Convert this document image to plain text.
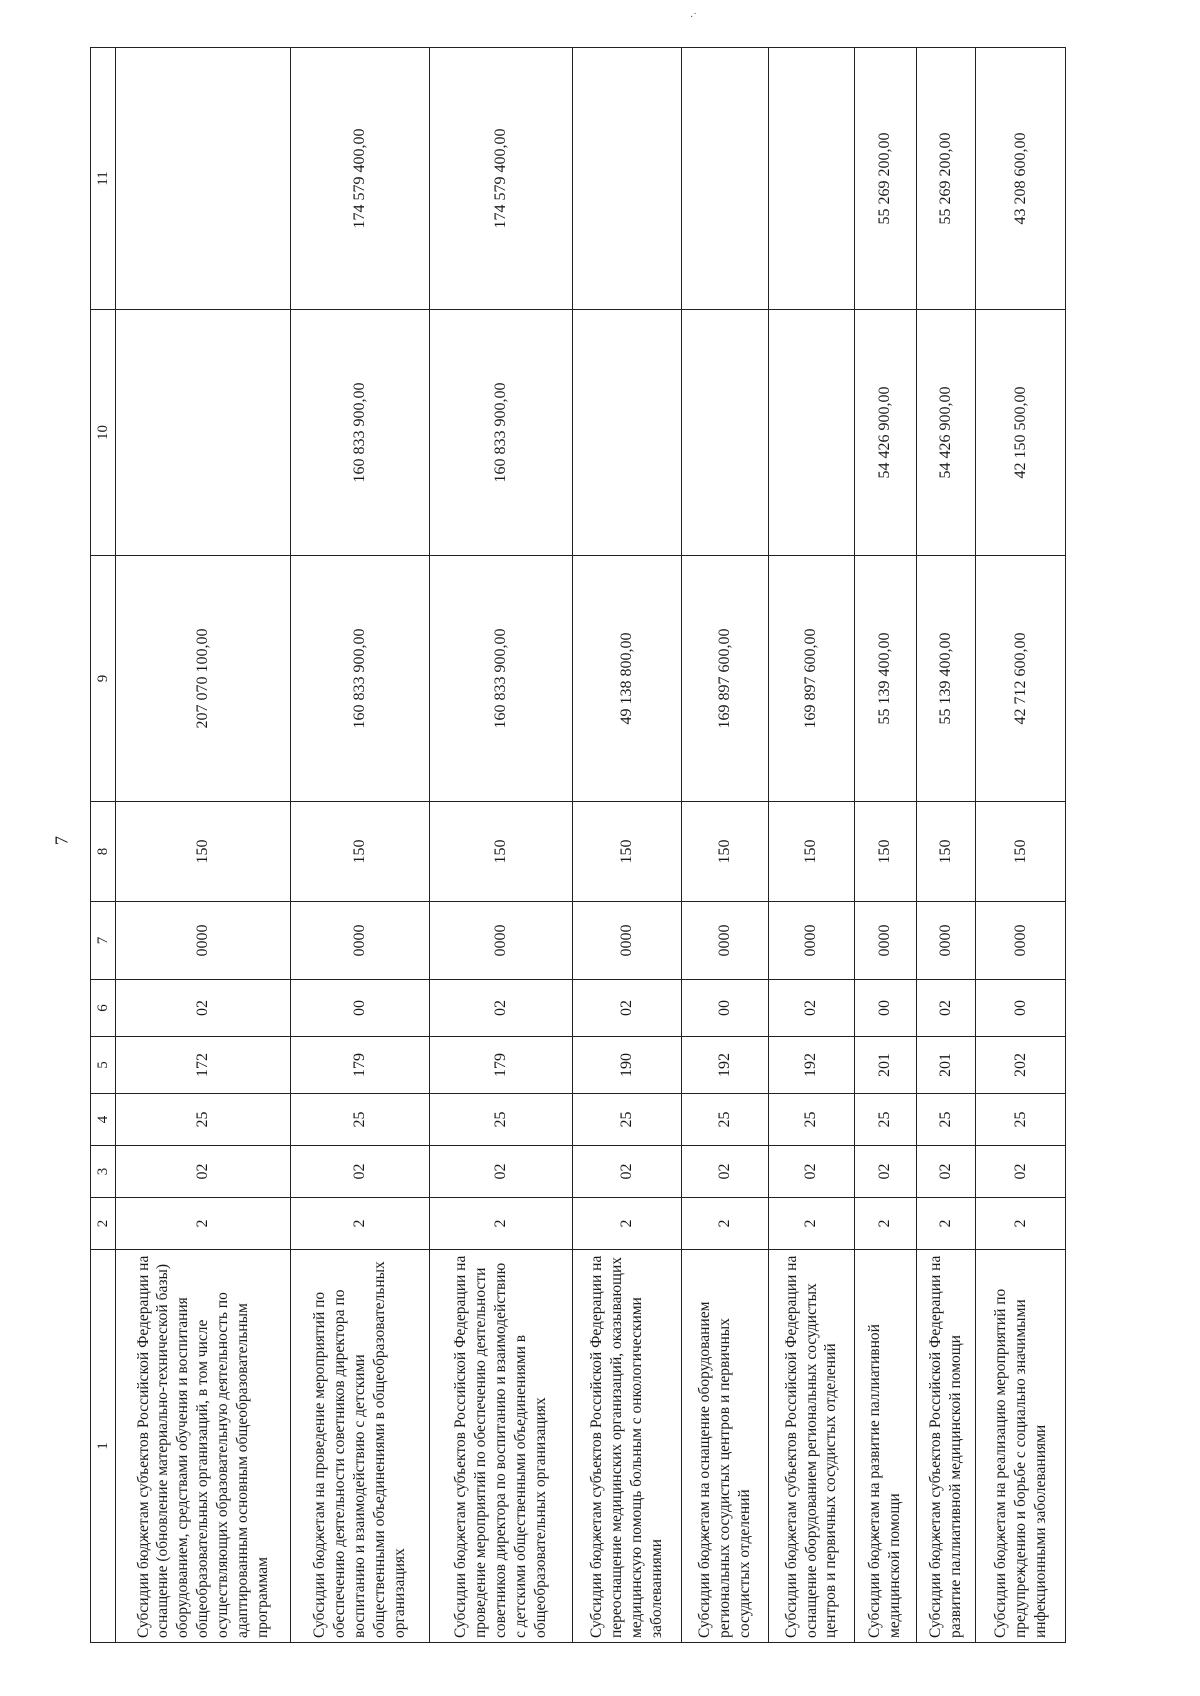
7
·˙
1	2	3	4	5	6	7	8	9	10	11
Субсидии бюджетам субъектов Российской Федерации на оснащение (обновление материально-технической базы) оборудованием, средствами обучения и воспитания общеобразовательных организаций, в том числе осуществляющих образовательную деятельность по адаптированным основным общеобразовательным программам	2	02	25	172	02	0000	150	207 070 100,00		
Субсидии бюджетам на проведение мероприятий по обеспечению деятельности советников директора по воспитанию и взаимодействию с детскими общественными объединениями в общеобразовательных организациях	2	02	25	179	00	0000	150	160 833 900,00	160 833 900,00	174 579 400,00
Субсидии бюджетам субъектов Российской Федерации на проведение мероприятий по обеспечению деятельности советников директора по воспитанию и взаимодействию с детскими общественными объединениями в общеобразовательных организациях	2	02	25	179	02	0000	150	160 833 900,00	160 833 900,00	174 579 400,00
Субсидии бюджетам субъектов Российской Федерации на переоснащение медицинских организаций, оказывающих медицинскую помощь больным с онкологическими заболеваниями	2	02	25	190	02	0000	150	49 138 800,00		
Субсидии бюджетам на оснащение оборудованием региональных сосудистых центров и первичных сосудистых отделений	2	02	25	192	00	0000	150	169 897 600,00		
Субсидии бюджетам субъектов Российской Федерации на оснащение оборудованием региональных сосудистых центров и первичных сосудистых отделений	2	02	25	192	02	0000	150	169 897 600,00		
Субсидии бюджетам на развитие паллиативной медицинской помощи	2	02	25	201	00	0000	150	55 139 400,00	54 426 900,00	55 269 200,00
Субсидии бюджетам субъектов Российской Федерации на развитие паллиативной медицинской помощи	2	02	25	201	02	0000	150	55 139 400,00	54 426 900,00	55 269 200,00
Субсидии бюджетам на реализацию мероприятий по предупреждению и борьбе с социально значимыми инфекционными заболеваниями	2	02	25	202	00	0000	150	42 712 600,00	42 150 500,00	43 208 600,00
